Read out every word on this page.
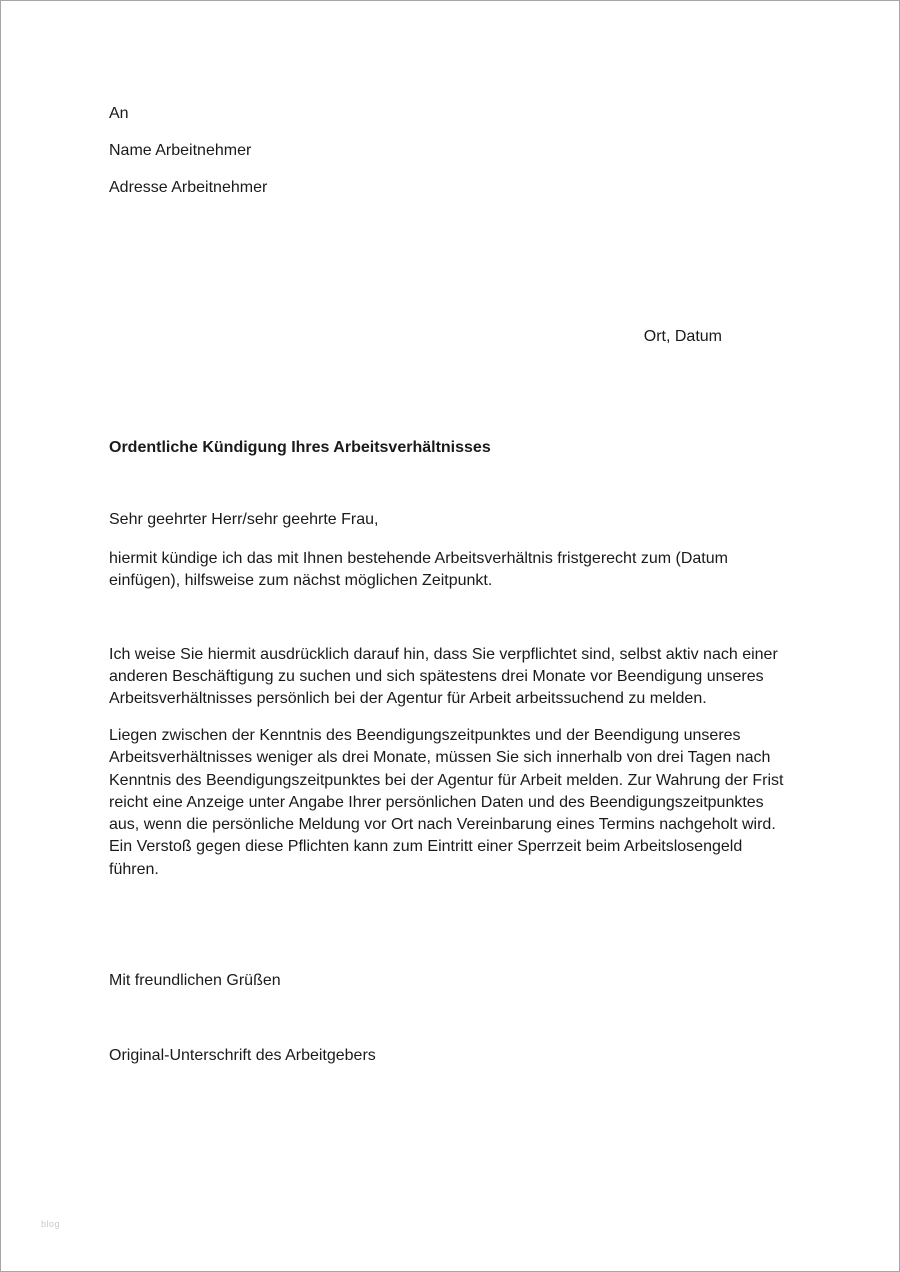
An
Name Arbeitnehmer
Adresse Arbeitnehmer
Ort, Datum
Ordentliche Kündigung Ihres Arbeitsverhältnisses
Sehr geehrter Herr/sehr geehrte Frau,

hiermit kündige ich das mit Ihnen bestehende Arbeitsverhältnis fristgerecht zum (Datum einfügen), hilfsweise zum nächst möglichen Zeitpunkt.

Ich weise Sie hiermit ausdrücklich darauf hin, dass Sie verpflichtet sind, selbst aktiv nach einer anderen Beschäftigung zu suchen und sich spätestens drei Monate vor Beendigung unseres Arbeitsverhältnisses persönlich bei der Agentur für Arbeit arbeitssuchend zu melden.

Liegen zwischen der Kenntnis des Beendigungszeitpunktes und der Beendigung unseres Arbeitsverhältnisses weniger als drei Monate, müssen Sie sich innerhalb von drei Tagen nach Kenntnis des Beendigungszeitpunktes bei der Agentur für Arbeit melden. Zur Wahrung der Frist reicht eine Anzeige unter Angabe Ihrer persönlichen Daten und des Beendigungszeitpunktes aus, wenn die persönliche Meldung vor Ort nach Vereinbarung eines Termins nachgeholt wird. Ein Verstoß gegen diese Pflichten kann zum Eintritt einer Sperrzeit beim Arbeitslosengeld führen.

Mit freundlichen Grüßen
Original-Unterschrift des Arbeitgebers
blog
